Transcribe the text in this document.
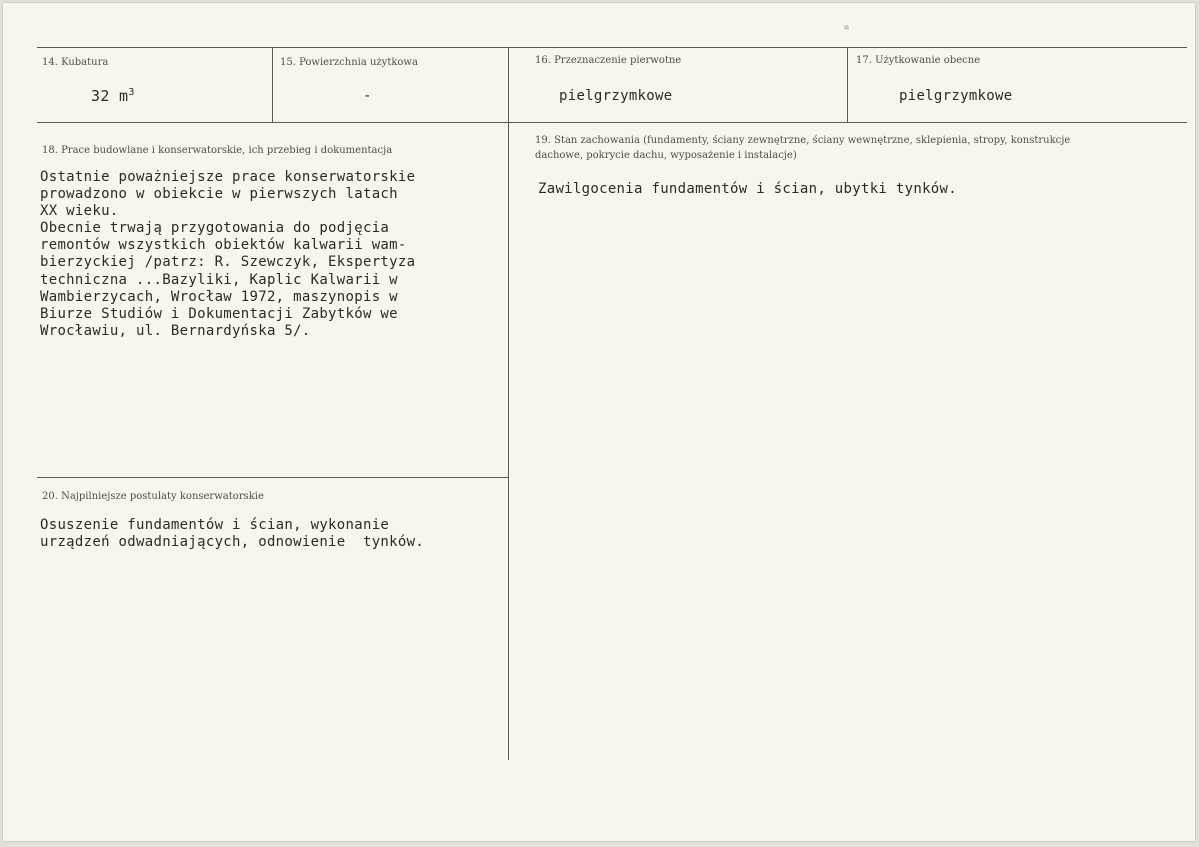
14. Kubatura
32 $m^3$
15. Powierzchnia użytkowa
-
16. Przeznaczenie pierwotne
pielgrzymkowe
17. Użytkowanie obecne
pielgrzymkowe
18. Prace budowlane i konserwatorskie, ich przebieg i dokumentacja
Ostatnie poważniejsze prace konserwatorskie
prowadzono w obiekcie w pierwszych latach
XX wieku.
Obecnie trwają przygotowania do podjęcia
remontów wszystkich obiektów kalwarii wam-
bierzyckiej /patrz: R. Szewczyk, Ekspertyza
techniczna ...Bazyliki, Kaplic Kalwarii w
Wambierzycach, Wrocław 1972, maszynopis w
Biurze Studiów i Dokumentacji Zabytków we
Wrocławiu, ul. Bernardyńska 5/.
19. Stan zachowania (fundamenty, ściany zewnętrzne, ściany wewnętrzne, sklepienia, stropy, konstrukcje dachowe, pokrycie dachu, wyposażenie i instalacje)
Zawilgocenia fundamentów i ścian, ubytki tynków.
20. Najpilniejsze postulaty konserwatorskie
Osuszenie fundamentów i ścian, wykonanie
urządzeń odwadniających, odnowienie  tynków.
